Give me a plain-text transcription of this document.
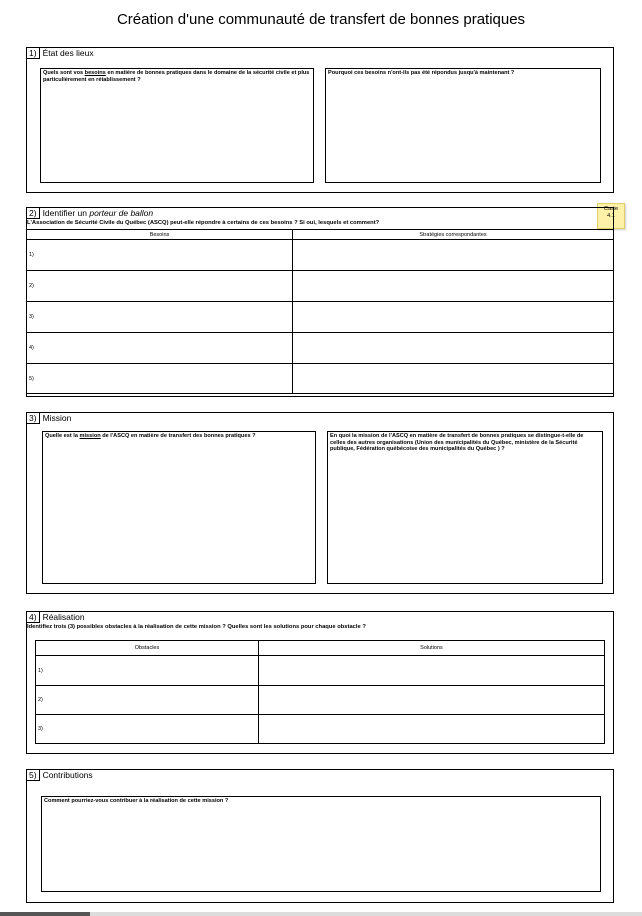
Création d'une communauté de transfert de bonnes pratiques
Carte
4.1
1) État des lieux
Quels sont vos besoins en matière de bonnes pratiques dans le domaine de la sécurité civile et plus particulièrement en rétablissement ?
Pourquoi ces besoins n'ont-ils pas été répondus jusqu'à maintenant ?
2) Identifier un porteur de ballon
L'Association de Sécurité Civile du Québec (ASCQ) peut-elle répondre à certains de ces besoins ? Si oui, lesquels et comment?
Besoins	Stratégies correspondantes
1)	
2)	
3)	
4)	
5)	
3) Mission
Quelle est la mission de l'ASCQ en matière de transfert des bonnes pratiques ?	En quoi la mission de l'ASCQ en matière de transfert de bonnes pratiques se distingue-t-elle de celles des autres organisations (Union des municipalités du Québec, ministère de la Sécurité publique, Fédération québécoise des municipalités du Québec ) ?
4) Réalisation
Identifiez trois (3) possibles obstacles à la réalisation de cette mission ? Quelles sont les solutions pour chaque obstacle ?
Obstacles	Solutions
1)	
2)	
3)	
5) Contributions
Comment pourriez-vous contribuer à la réalisation de cette mission ?
